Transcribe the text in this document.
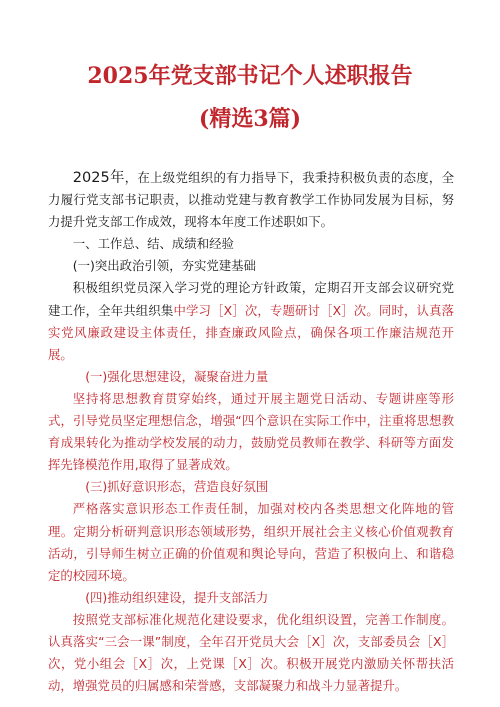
2025年党支部书记个人述职报告
(精选3篇)

2025年，在上级党组织的有力指导下，我秉持积极负责的态度，全力履行党支部书记职责，以推动党建与教育教学工作协同发展为目标，努力提升党支部工作成效，现将本年度工作述职如下。

一、工作总、结、成绩和经验

(一)突出政治引领，夯实党建基础

积极组织党员深入学习党的理论方针政策，定期召开支部会议研究党建工作，全年共组织集中学习［X］次，专题研讨［X］次。同时，认真落实党风廉政建设主体责任，排查廉政风险点，确保各项工作廉洁规范开展。

(一)强化思想建设，凝聚奋进力量

坚持将思想教育贯穿始终，通过开展主题党日活动、专题讲座等形式，引导党员坚定理想信念，增强“四个意识在实际工作中，注重将思想教育成果转化为推动学校发展的动力，鼓励党员教师在教学、科研等方面发挥先锋模范作用,取得了显著成效。

(三)抓好意识形态，营造良好氛围

严格落实意识形态工作责任制，加强对校内各类思想文化阵地的管理。定期分析研判意识形态领域形势，组织开展社会主义核心价值观教育活动，引导师生树立正确的价值观和舆论导向，营造了积极向上、和谐稳定的校园环境。

(四)推动组织建设，提升支部活力

按照党支部标准化规范化建设要求，优化组织设置，完善工作制度。认真落实“三会一课”制度，全年召开党员大会［X］次，支部委员会［X］次，党小组会［X］次，上党课［X］次。积极开展党内激励关怀帮扶活动，增强党员的归属感和荣誉感，支部凝聚力和战斗力显著提升。
